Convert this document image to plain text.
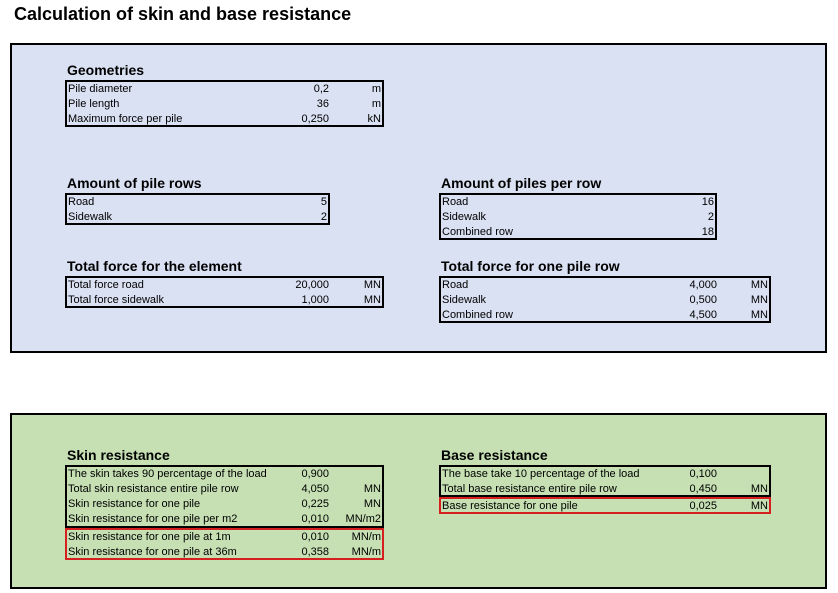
Calculation of skin and base resistance
Geometries
Pile diameter	0,2	m
Pile length	36	m
Maximum force per pile	0,250	kN
Amount of pile rows
Road	5
Sidewalk	2
Amount of piles per row
Road	16
Sidewalk	2
Combined row	18
Total force for the element
Total force road	20,000	MN
Total force sidewalk	1,000	MN
Total force for one pile row
Road	4,000	MN
Sidewalk	0,500	MN
Combined row	4,500	MN
Skin resistance
The skin takes 90 percentage of the load	0,900
Total skin resistance entire pile row	4,050	MN
Skin resistance for one pile	0,225	MN
Skin resistance for one pile per m2	0,010 MN/m2
Skin resistance for one pile at 1m	0,010 MN/m
Skin resistance for one pile at 36m	0,358 MN/m
Base resistance
The base take 10 percentage of the load	0,100
Total base resistance entire pile row	0,450	MN
Base resistance for one pile	0,025	MN
